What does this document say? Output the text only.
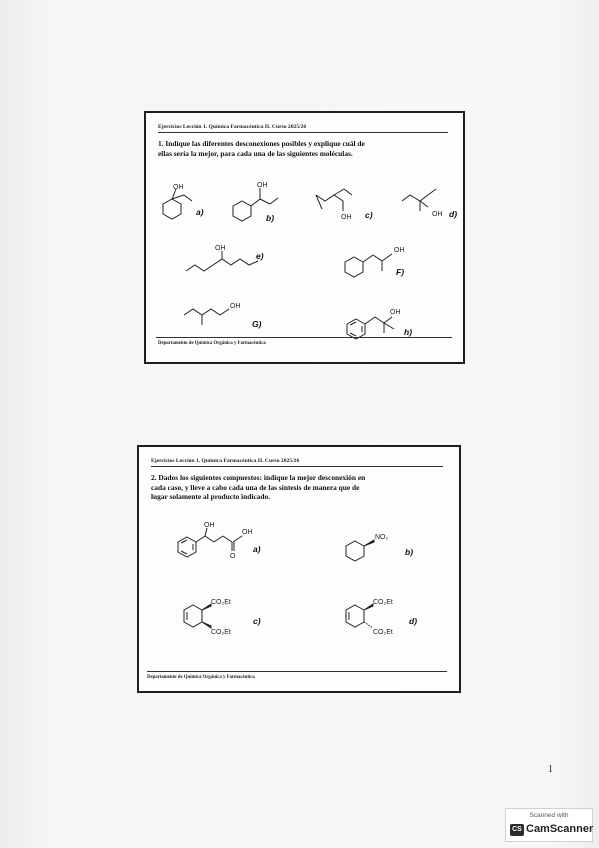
Ejercicios Lección 1. Química Farmacéutica II. Curso 2025/26
1. Indique las diferentes desconexiones posibles y explique cuál de
ellas sería la mejor, para cada una de las siguientes moléculas.
OH
a)
OH
b)	OH c)	OH d)
OH
e)
OH
F)
OH
G)
OH
h)
Departamento de Química Orgánica y Farmacéutica
Ejercicios Lección 1. Química Farmacéutica II. Curso 2025/26
2. Dados los siguientes compuestos: indique la mejor desconexión en
cada caso, y lleve a cabo cada una de las síntesis de manera que de
lugar solamente al producto indicado.
OH
OH
O
a)
NO₂
b)
CO₂Et
CO₂Et
c)
CO₂Et
CO₂Et
d)
Departamento de Química Orgánica y Farmacéutica
1
Scanned with
CS CamScanner
